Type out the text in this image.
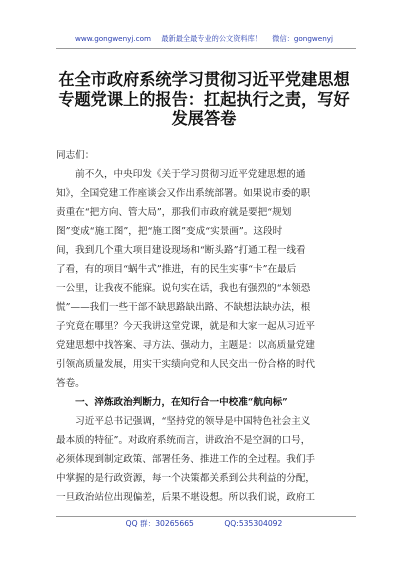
www.gongwenyj.com 最新最全最专业的公文资料库！ 微信：gongwenyj
在全市政府系统学习贯彻习近平党建思想
专题党课上的报告：扛起执行之责，写好
发展答卷
同志们：
　　前不久，中央印发《关于学习贯彻习近平党建思想的通
知》，全国党建工作座谈会又作出系统部署。如果说市委的职
责重在“把方向、管大局”，那我们市政府就是要把“规划
图”变成“施工图”，把“施工图”变成“实景画”。这段时
间，我到几个重大项目建设现场和“断头路”打通工程一线看
了看，有的项目“蜗牛式”推进，有的民生实事“卡”在最后
一公里，让我夜不能寐。说句实在话，我也有强烈的“本领恐
慌”——我们一些干部不缺思路缺出路、不缺想法缺办法，根
子究竟在哪里？今天我讲这堂党课，就是和大家一起从习近平
党建思想中找答案、寻方法、强动力，主题是：以高质量党建
引领高质量发展，用实干实绩向党和人民交出一份合格的时代
答卷。
　　一、淬炼政治判断力，在知行合一中校准“航向标”
　　习近平总书记强调，“坚持党的领导是中国特色社会主义
最本质的特征”。对政府系统而言，讲政治不是空洞的口号，
必须体现到制定政策、部署任务、推进工作的全过程。我们手
中掌握的是行政资源，每一个决策都关系到公共利益的分配，
一旦政治站位出现偏差，后果不堪设想。所以我们说，政府工
QQ 群：30265665	QQ:535304092
